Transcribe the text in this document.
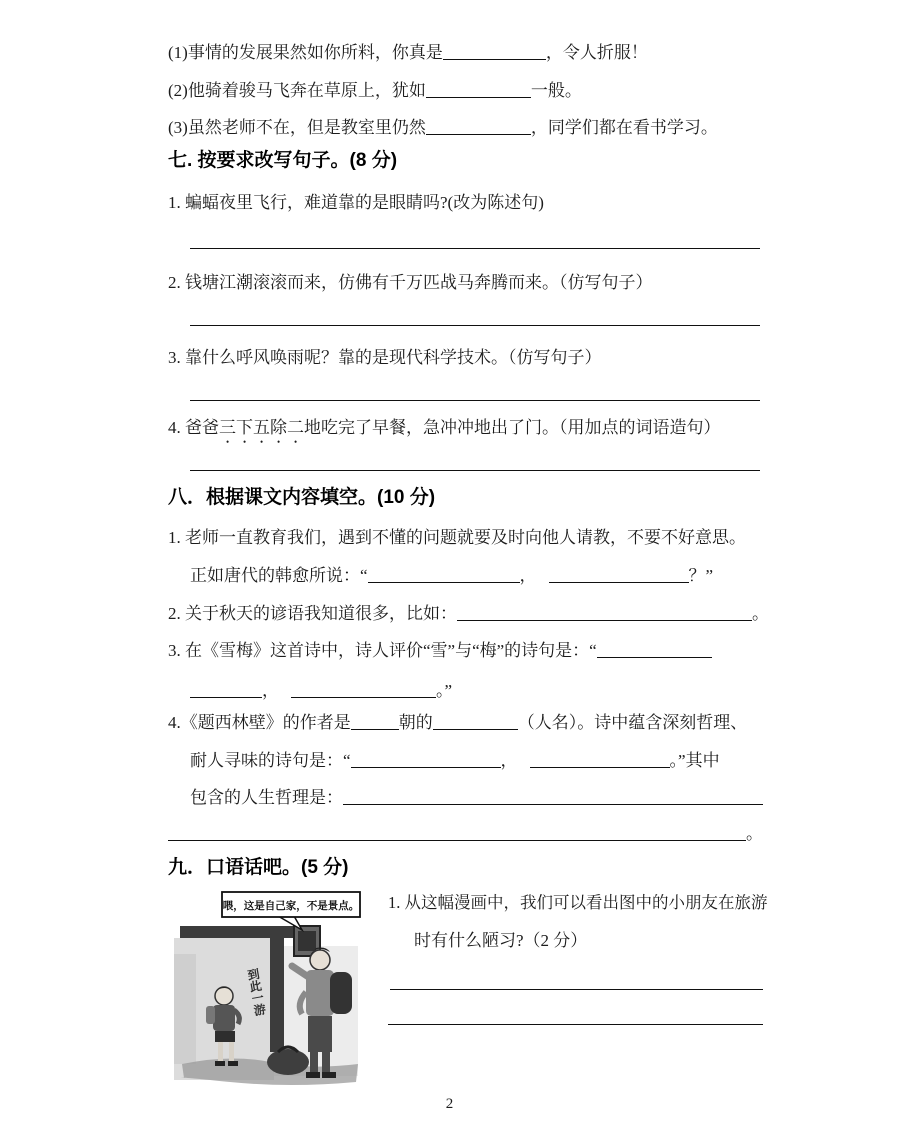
(1)事情的发展果然如你所料，你真是	，令人折服！
(2)他骑着骏马飞奔在草原上，犹如	一般。
(3)虽然老师不在，但是教室里仍然	，同学们都在看书学习。
七. 按要求改写句子。(8 分)
1. 蝙蝠夜里飞行，难道靠的是眼睛吗?(改为陈述句)
2. 钱塘江潮滚滚而来，仿佛有千万匹战马奔腾而来。（仿写句子）
3. 靠什么呼风唤雨呢？靠的是现代科学技术。（仿写句子）
4. 爸爸三下五除二地吃完了早餐，急冲冲地出了门。（用加点的词语造句）
八．根据课文内容填空。(10 分)
1. 老师一直教育我们，遇到不懂的问题就要及时向他人请教，不要不好意思。
正如唐代的韩愈所说：“	，	？”
2. 关于秋天的谚语我知道很多，比如：	。
3. 在《雪梅》这首诗中，诗人评价“雪”与“梅”的诗句是：“
，	。”
4.《题西林壁》的作者是	朝的	（人名）。诗中蕴含深刻哲理、
耐人寻味的诗句是：“	，	。”其中
包含的人生哲理是：
。
九．口语话吧。(5 分)
到此一游
喂，这是自己家，不是景点。 1. 从这幅漫画中，我们可以看出图中的小朋友在旅游
时有什么陋习?（2 分）
2
